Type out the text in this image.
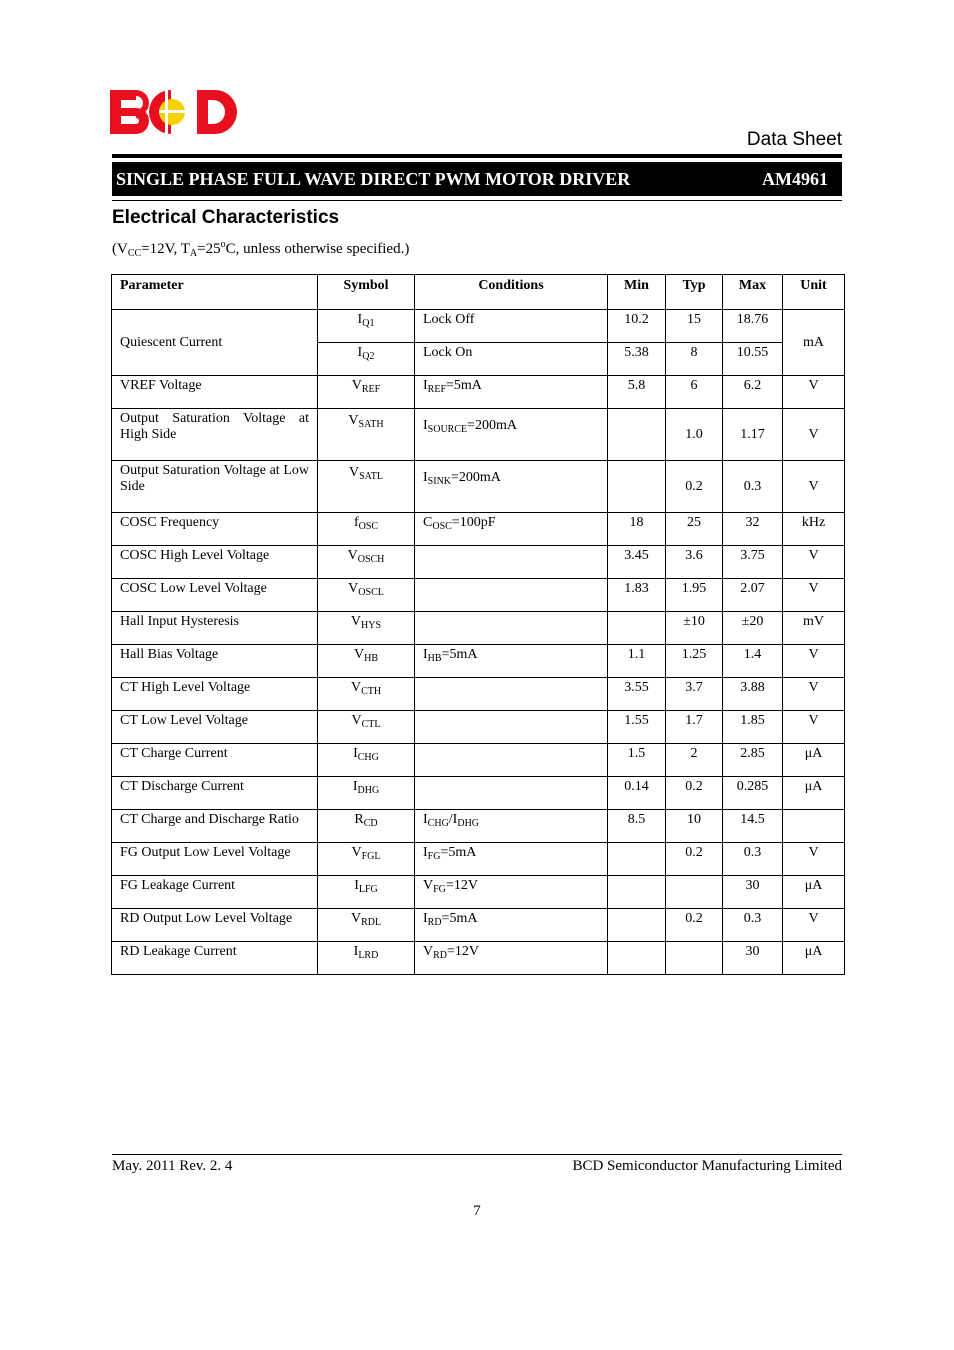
Data Sheet
SINGLE PHASE FULL WAVE DIRECT PWM MOTOR DRIVER	AM4961
Electrical Characteristics
($V_{CC}=12V$, $T_A=25^oC$, unless otherwise specified.)
Parameter	Symbol	Conditions	Min	Typ	Max	Unit
Quiescent Current	$I_{Q1}$	Lock Off	10.2	15	18.76	mA
	$I_{Q2}$	Lock On	5.38	8	10.55	
VREF Voltage	$V_{REF}$	$I_{REF}=5mA$	5.8	6	6.2	V
Output Saturation Voltage at High Side	$V_{SATH}$	$I_{SOURCE}=200mA$		1.0	1.17	V
Output Saturation Voltage at Low Side	$V_{SATL}$	$I_{SINK}=200mA$		0.2	0.3	V
COSC Frequency	$f_{OSC}$	$C_{OSC}=100pF$	18	25	32	kHz
COSC High Level Voltage	$V_{OSCH}$		3.45	3.6	3.75	V
COSC Low Level Voltage	$V_{OSCL}$		1.83	1.95	2.07	V
Hall Input Hysteresis	$V_{HYS}$			±10	±20	mV
Hall Bias Voltage	$V_{HB}$	$I_{HB}=5mA$	1.1	1.25	1.4	V
CT High Level Voltage	$V_{CTH}$		3.55	3.7	3.88	V
CT Low Level Voltage	$V_{CTL}$		1.55	1.7	1.85	V
CT Charge Current	$I_{CHG}$		1.5	2	2.85	μA
CT Discharge Current	$I_{DHG}$		0.14	0.2	0.285	μA
CT Charge and Discharge Ratio	$R_{CD}$	$I_{CHG}/I_{DHG}$	8.5	10	14.5	
FG Output Low Level Voltage	$V_{FGL}$	$I_{FG}=5mA$		0.2	0.3	V
FG Leakage Current	$I_{LFG}$	$V_{FG}=12V$			30	μA
RD Output Low Level Voltage	$V_{RDL}$	$I_{RD}=5mA$		0.2	0.3	V
RD Leakage Current	$I_{LRD}$	$V_{RD}=12V$			30	μA
May. 2011 Rev. 2. 4	BCD Semiconductor Manufacturing Limited
7
